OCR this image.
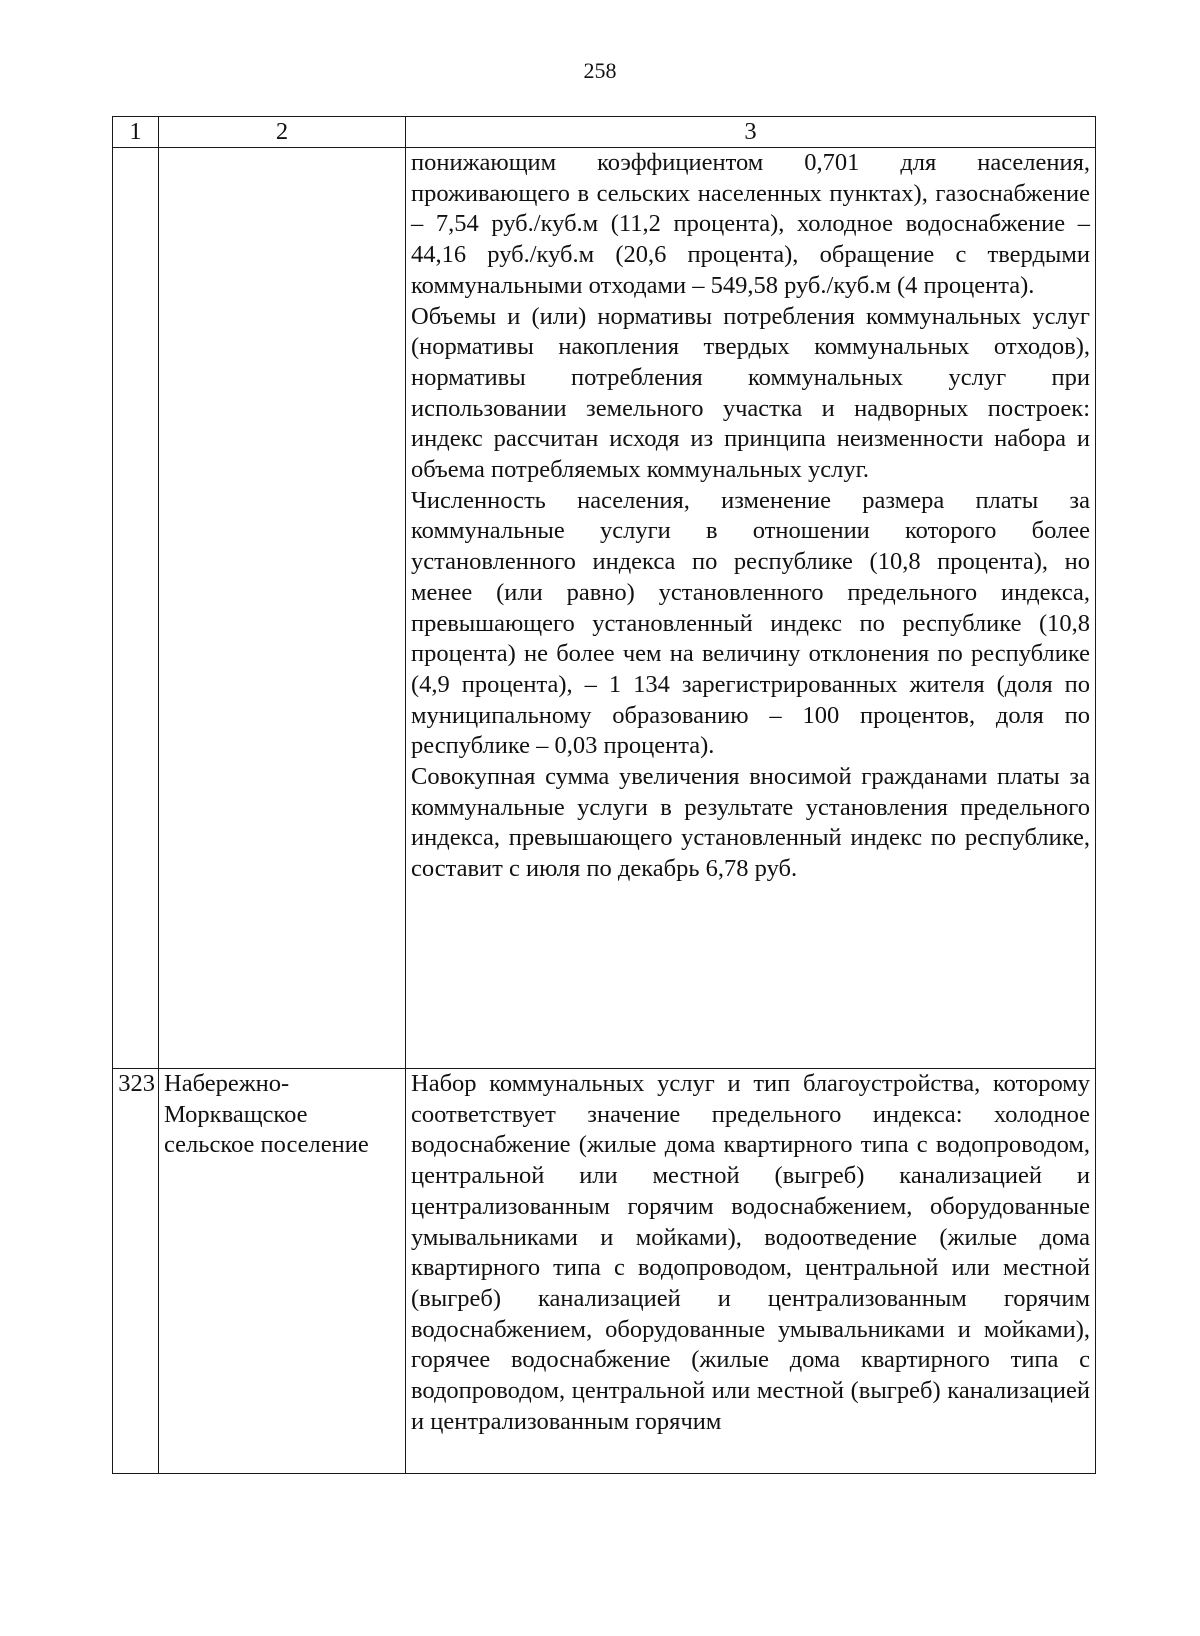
258
1	2	3

		понижающим коэффициентом 0,701 для населения, проживающего в сельских населенных пунктах), газоснабжение – 7,54 руб./куб.м (11,2 процента), холодное водоснабжение – 44,16 руб./куб.м (20,6 процента), обращение с твердыми коммунальными отходами – 549,58 руб./куб.м (4 процента).

Объемы и (или) нормативы потребления коммунальных услуг (нормативы накопления твердых коммунальных отходов), нормативы потребления коммунальных услуг при использовании земельного участка и надворных построек: индекс рассчитан исходя из принципа неизменности набора и объема потребляемых коммунальных услуг.

Численность населения, изменение размера платы за коммунальные услуги в отношении которого более установленного индекса по республике (10,8 процента), но менее (или равно) установленного предельного индекса, превышающего установленный индекс по республике (10,8 процента) не более чем на величину отклонения по республике (4,9 процента), – 1 134 зарегистрированных жителя (доля по муниципальному образованию – 100 процентов, доля по республике – 0,03 процента).

Совокупная сумма увеличения вносимой гражданами платы за коммунальные услуги в результате установления предельного индекса, превышающего установленный индекс по республике, составит с июля по декабрь 6,78 руб.

323	Набережно-Моркващское сельское поселение	Набор коммунальных услуг и тип благоустройства, которому соответствует значение предельного индекса: холодное водоснабжение (жилые дома квартирного типа с водопроводом, центральной или местной (выгреб) канализацией и централизованным горячим водоснабжением, оборудованные умывальниками и мойками), водоотведение (жилые дома квартирного типа с водопроводом, центральной или местной (выгреб) канализацией и централизованным горячим водоснабжением, оборудованные умывальниками и мойками), горячее водоснабжение (жилые дома квартирного типа с водопроводом, центральной или местной (выгреб) канализацией и централизованным горячим
